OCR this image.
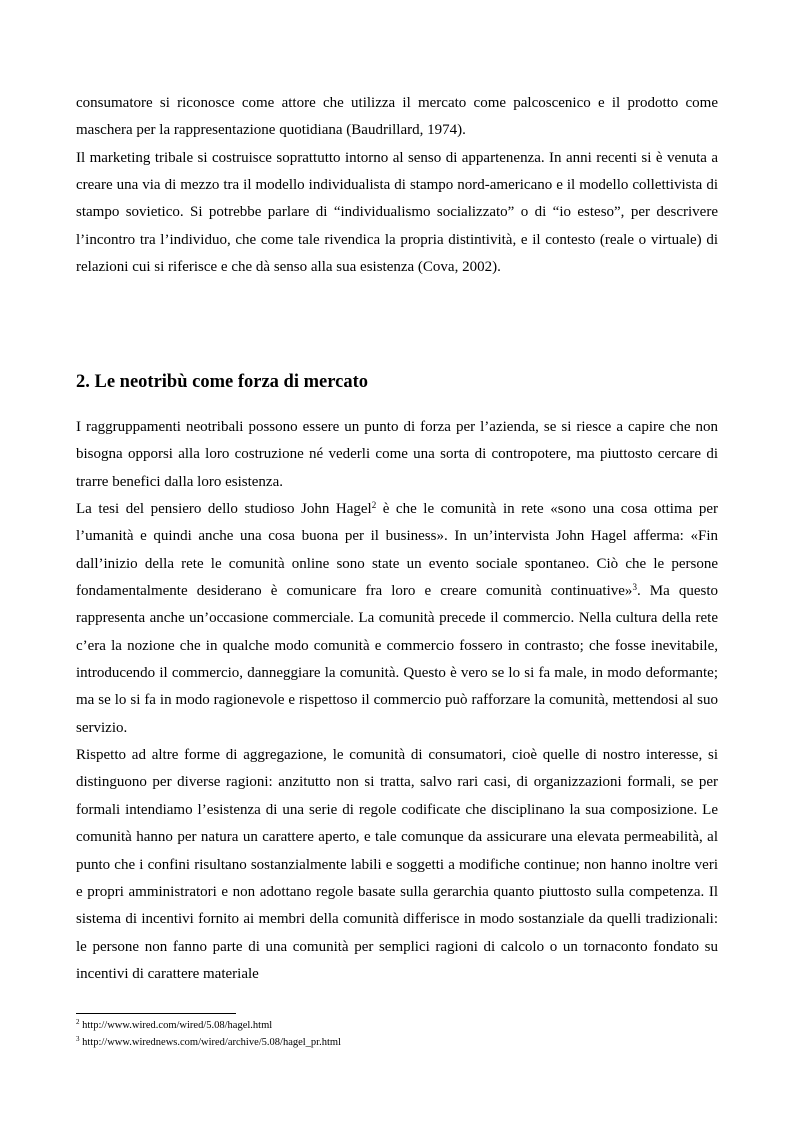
consumatore si riconosce come attore che utilizza il mercato come palcoscenico e il prodotto come maschera per la rappresentazione quotidiana (Baudrillard, 1974).

Il marketing tribale si costruisce soprattutto intorno al senso di appartenenza. In anni recenti si è venuta a creare una via di mezzo tra il modello individualista di stampo nord-americano e il modello collettivista di stampo sovietico. Si potrebbe parlare di “individualismo socializzato” o di “io esteso”, per descrivere l’incontro tra l’individuo, che come tale rivendica la propria distintività, e il contesto (reale o virtuale) di relazioni cui si riferisce e che dà senso alla sua esistenza (Cova, 2002).

2. Le neotribù come forza di mercato

I raggruppamenti neotribali possono essere un punto di forza per l’azienda, se si riesce a capire che non bisogna opporsi alla loro costruzione né vederli come una sorta di contropotere, ma piuttosto cercare di trarre benefici dalla loro esistenza.

La tesi del pensiero dello studioso John Hagel$^2$ è che le comunità in rete «sono una cosa ottima per l’umanità e quindi anche una cosa buona per il business». In un’intervista John Hagel afferma: «Fin dall’inizio della rete le comunità online sono state un evento sociale spontaneo. Ciò che le persone fondamentalmente desiderano è comunicare fra loro e creare comunità continuative»$^3$. Ma questo rappresenta anche un’occasione commerciale. La comunità precede il commercio. Nella cultura della rete c’era la nozione che in qualche modo comunità e commercio fossero in contrasto; che fosse inevitabile, introducendo il commercio, danneggiare la comunità. Questo è vero se lo si fa male, in modo deformante; ma se lo si fa in modo ragionevole e rispettoso il commercio può rafforzare la comunità, mettendosi al suo servizio.

Rispetto ad altre forme di aggregazione, le comunità di consumatori, cioè quelle di nostro interesse, si distinguono per diverse ragioni: anzitutto non si tratta, salvo rari casi, di organizzazioni formali, se per formali intendiamo l’esistenza di una serie di regole codificate che disciplinano la sua composizione. Le comunità hanno per natura un carattere aperto, e tale comunque da assicurare una elevata permeabilità, al punto che i confini risultano sostanzialmente labili e soggetti a modifiche continue; non hanno inoltre veri e propri amministratori e non adottano regole basate sulla gerarchia quanto piuttosto sulla competenza. Il sistema di incentivi fornito ai membri della comunità differisce in modo sostanziale da quelli tradizionali: le persone non fanno parte di una comunità per semplici ragioni di calcolo o un tornaconto fondato su incentivi di carattere materiale

$^2$ http://www.wired.com/wired/5.08/hagel.html
$^3$ http://www.wirednews.com/wired/archive/5.08/hagel_pr.html
